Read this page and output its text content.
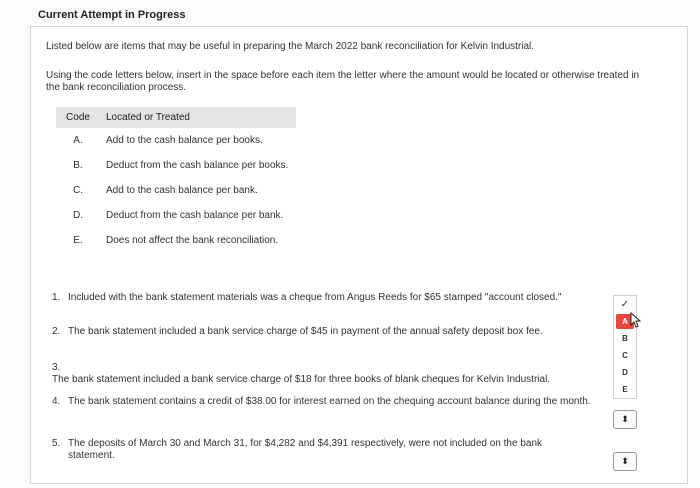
Current Attempt in Progress
Listed below are items that may be useful in preparing the March 2022 bank reconciliation for Kelvin Industrial.
Using the code letters below, insert in the space before each item the letter where the amount would be located or otherwise treated in the bank reconciliation process.
Code	Located or Treated
A.	Add to the cash balance per books.
B.	Deduct from the cash balance per books.
C.	Add to the cash balance per bank.
D.	Deduct from the cash balance per bank.
E.	Does not affect the bank reconciliation.
1. Included with the bank statement materials was a cheque from Angus Reeds for $65 stamped "account closed."
2. The bank statement included a bank service charge of $45 in payment of the annual safety deposit box fee.
3.The bank statement included a bank service charge of $18 for three books of blank cheques for Kelvin Industrial.
4. The bank statement contains a credit of $38.00 for interest earned on the chequing account balance during the month.
5. The deposits of March 30 and March 31, for $4,282 and $4,391 respectively, were not included on the bank statement.
✓
A
B
C
D
E
⬍
⬍
